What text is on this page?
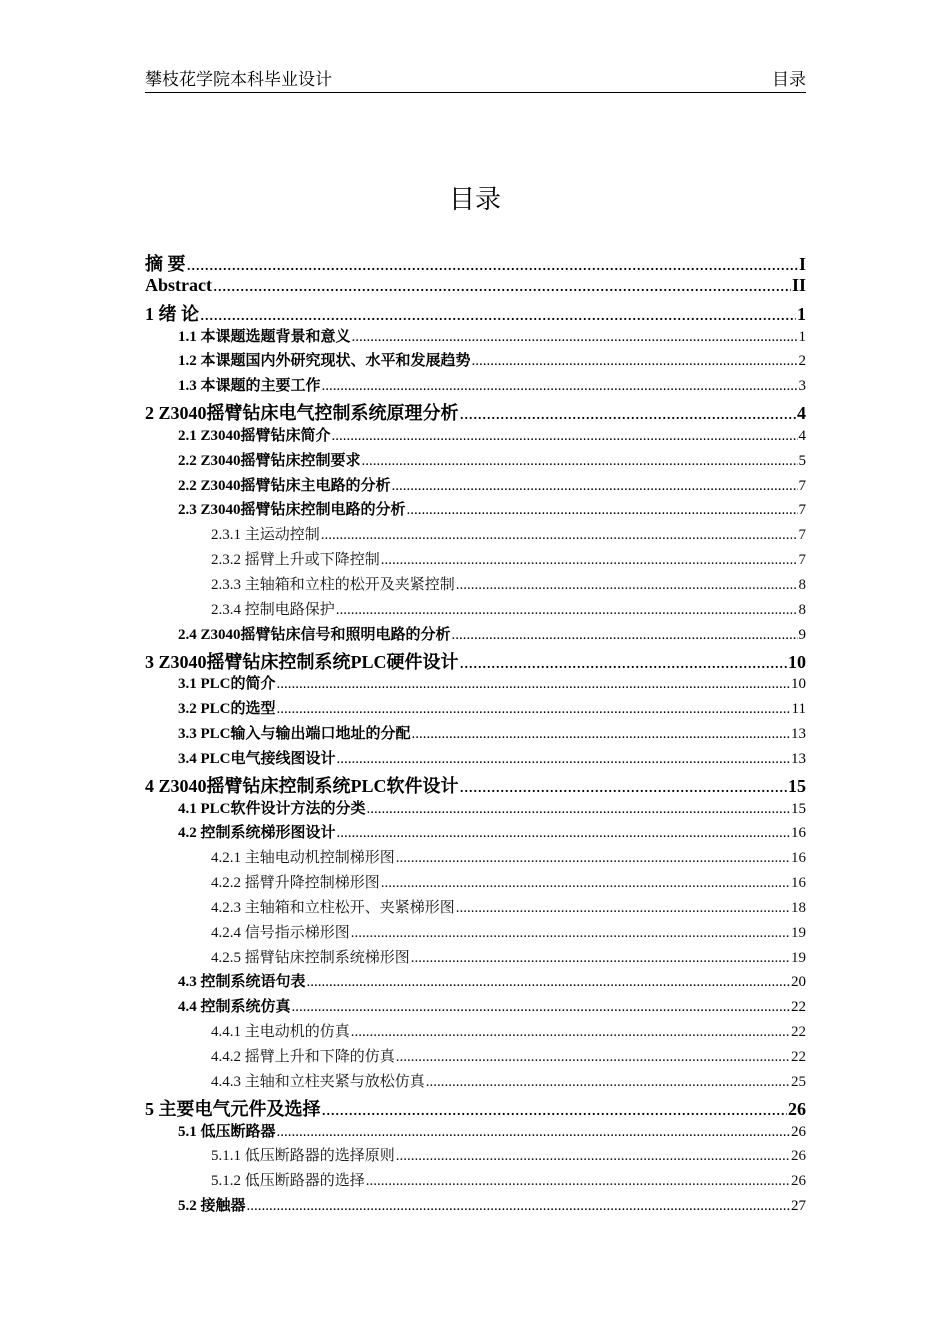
攀枝花学院本科毕业设计	目录
目录
摘 要 .....	I
Abstract .....	II
1 绪 论 .....	1
1.1 本课题选题背景和意义 .....	1
1.2 本课题国内外研究现状、水平和发展趋势 .....	2
1.3 本课题的主要工作 .....	3
2 Z3040摇臂钻床电气控制系统原理分析 .....	4
2.1 Z3040摇臂钻床简介 .....	4
2.2 Z3040摇臂钻床控制要求 .....	5
2.2 Z3040摇臂钻床主电路的分析 .....	7
2.3 Z3040摇臂钻床控制电路的分析 .....	7
2.3.1 主运动控制 .....	7
2.3.2 摇臂上升或下降控制 .....	7
2.3.3 主轴箱和立柱的松开及夹紧控制 .....	8
2.3.4 控制电路保护 .....	8
2.4 Z3040摇臂钻床信号和照明电路的分析 .....	9
3 Z3040摇臂钻床控制系统PLC硬件设计 .....	10
3.1 PLC的简介 .....	10
3.2 PLC的选型 .....	11
3.3 PLC输入与输出端口地址的分配 .....	13
3.4 PLC电气接线图设计 .....	13
4 Z3040摇臂钻床控制系统PLC软件设计 .....	15
4.1 PLC软件设计方法的分类 .....	15
4.2 控制系统梯形图设计 .....	16
4.2.1 主轴电动机控制梯形图 .....	16
4.2.2 摇臂升降控制梯形图 .....	16
4.2.3 主轴箱和立柱松开、夹紧梯形图 .....	18
4.2.4 信号指示梯形图 .....	19
4.2.5 摇臂钻床控制系统梯形图 .....	19
4.3 控制系统语句表 .....	20
4.4 控制系统仿真 .....	22
4.4.1 主电动机的仿真 .....	22
4.4.2 摇臂上升和下降的仿真 .....	22
4.4.3 主轴和立柱夹紧与放松仿真 .....	25
5 主要电气元件及选择 .....	26
5.1 低压断路器 .....	26
5.1.1 低压断路器的选择原则 .....	26
5.1.2 低压断路器的选择 .....	26
5.2 接触器 .....	27
